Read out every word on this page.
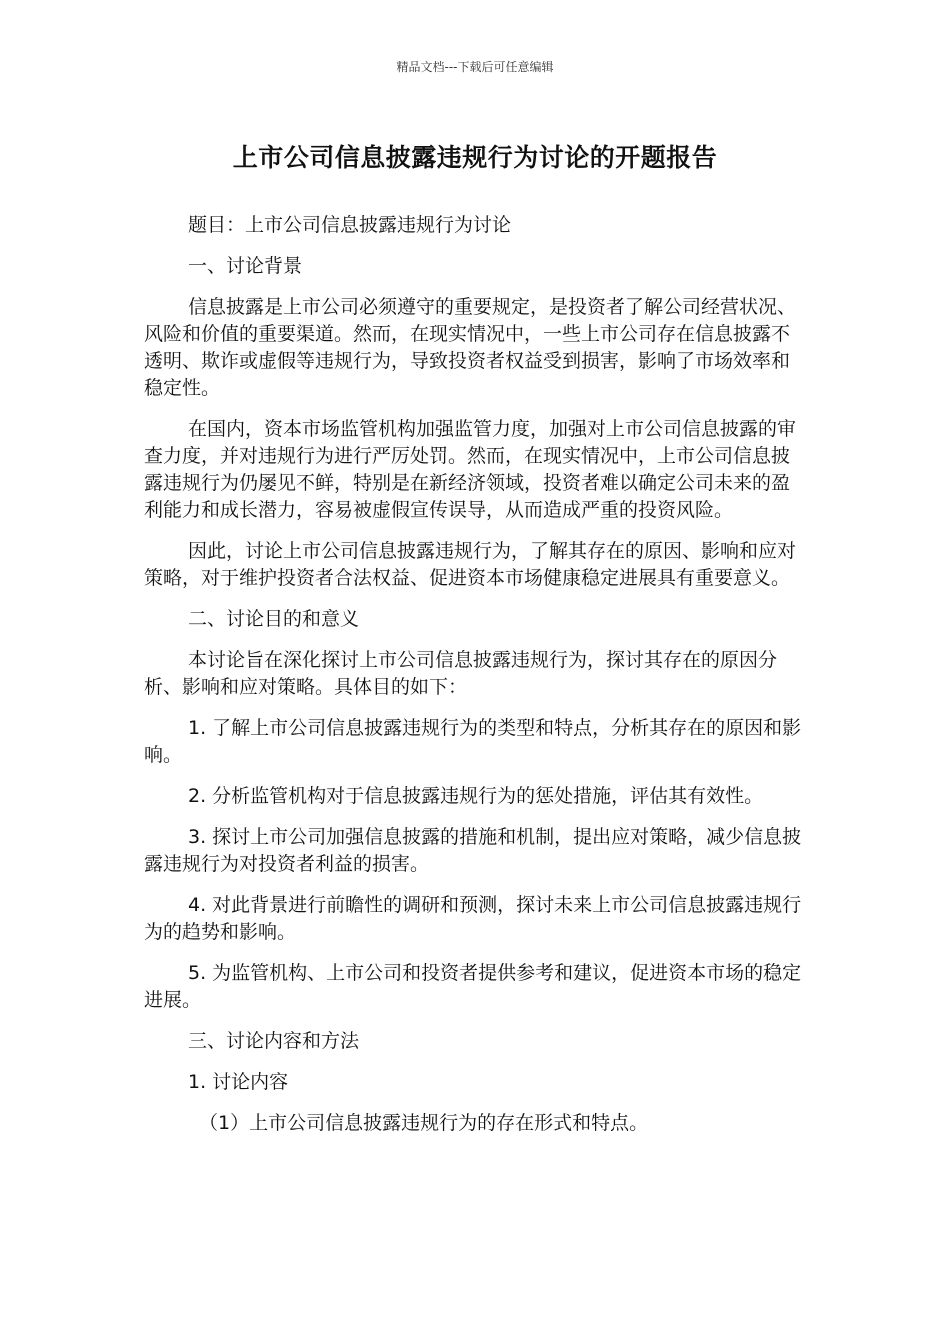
精品文档---下载后可任意编辑
上市公司信息披露违规行为讨论的开题报告

题目：上市公司信息披露违规行为讨论

一、讨论背景

信息披露是上市公司必须遵守的重要规定，是投资者了解公司经营状况、风险和价值的重要渠道。然而，在现实情况中，一些上市公司存在信息披露不透明、欺诈或虚假等违规行为，导致投资者权益受到损害，影响了市场效率和稳定性。

在国内，资本市场监管机构加强监管力度，加强对上市公司信息披露的审查力度，并对违规行为进行严厉处罚。然而，在现实情况中，上市公司信息披露违规行为仍屡见不鲜，特别是在新经济领域，投资者难以确定公司未来的盈利能力和成长潜力，容易被虚假宣传误导，从而造成严重的投资风险。

因此，讨论上市公司信息披露违规行为，了解其存在的原因、影响和应对策略，对于维护投资者合法权益、促进资本市场健康稳定进展具有重要意义。

二、讨论目的和意义

本讨论旨在深化探讨上市公司信息披露违规行为，探讨其存在的原因分析、影响和应对策略。具体目的如下：

1. 了解上市公司信息披露违规行为的类型和特点，分析其存在的原因和影响。

2. 分析监管机构对于信息披露违规行为的惩处措施，评估其有效性。

3. 探讨上市公司加强信息披露的措施和机制，提出应对策略，减少信息披露违规行为对投资者利益的损害。

4. 对此背景进行前瞻性的调研和预测，探讨未来上市公司信息披露违规行为的趋势和影响。

5. 为监管机构、上市公司和投资者提供参考和建议，促进资本市场的稳定进展。

三、讨论内容和方法

1. 讨论内容

（1）上市公司信息披露违规行为的存在形式和特点。
